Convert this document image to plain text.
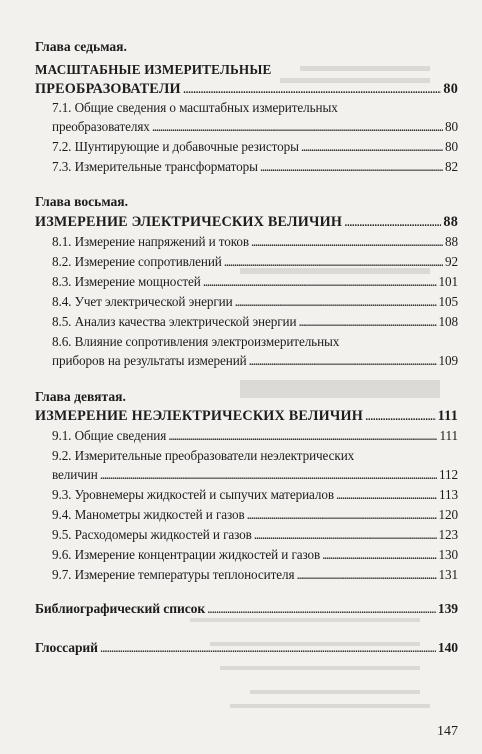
Глава седьмая.
МАСШТАБНЫЕ ИЗМЕРИТЕЛЬНЫЕ
ПРЕОБРАЗОВАТЕЛИ . . .	80
7.1. Общие сведения о масштабных измерительных
преобразователях . . .	80
7.2. Шунтирующие и добавочные резисторы . . .	80
7.3. Измерительные трансформаторы . . .	82
Глава восьмая.
ИЗМЕРЕНИЕ ЭЛЕКТРИЧЕСКИХ ВЕЛИЧИН . . .	88
8.1. Измерение напряжений и токов . . .	88
8.2. Измерение сопротивлений . . .	92
8.3. Измерение мощностей . . .	101
8.4. Учет электрической энергии . . .	105
8.5. Анализ качества электрической энергии . . .	108
8.6. Влияние сопротивления электроизмерительных
приборов на результаты измерений . . .	109
Глава девятая.
ИЗМЕРЕНИЕ НЕЭЛЕКТРИЧЕСКИХ ВЕЛИЧИН . . .	111
9.1. Общие сведения . . .	111
9.2. Измерительные преобразователи неэлектрических
величин . . .	112
9.3. Уровнемеры жидкостей и сыпучих материалов . . .	113
9.4. Манометры жидкостей и газов . . .	120
9.5. Расходомеры жидкостей и газов . . .	123
9.6. Измерение концентрации жидкостей и газов . . .	130
9.7. Измерение температуры теплоносителя . . .	131
Библиографический список . . .	139
Глоссарий . . .	140
147
